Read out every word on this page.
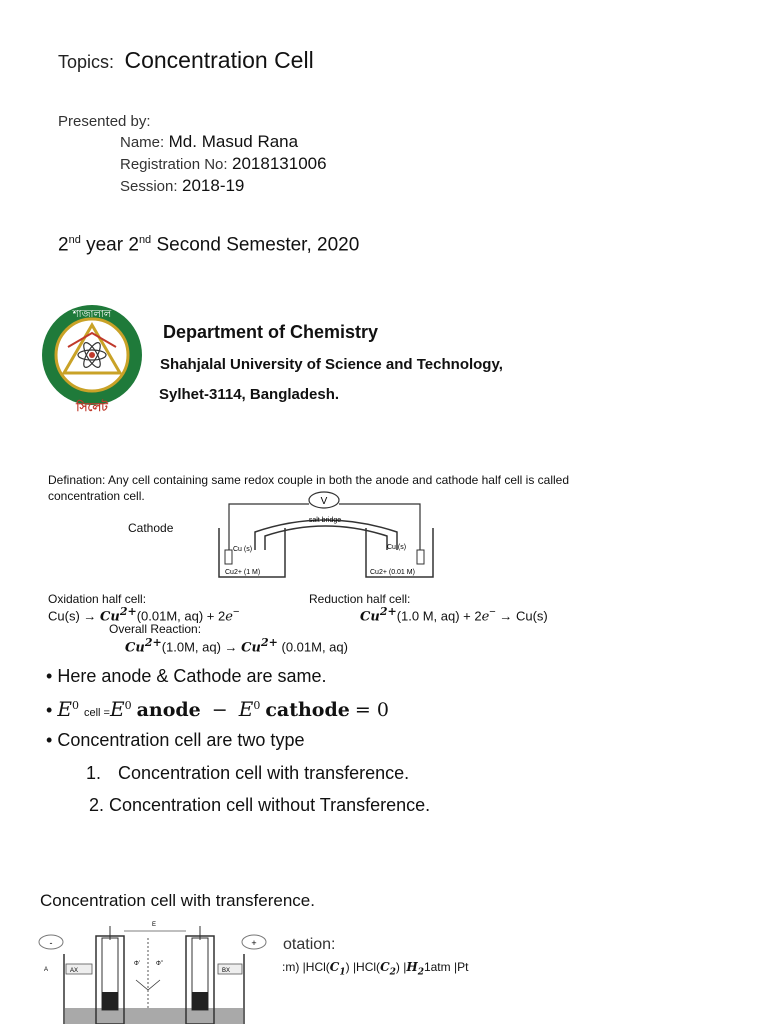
Topics: Concentration Cell
Presented by:
Name: Md. Masud Rana
Registration No: 2018131006
Session: 2018-19
2nd year 2nd Second Semester, 2020
শাজালাল
সিলেট
Department of Chemistry
Shahjalal University of Science and Technology,
Sylhet-3114, Bangladesh.
Defination: Any cell containing same redox couple in both the anode and cathode half cell is called
concentration cell.
Cathode
salt bridge
V
Cu (s)	Cu (s)
Cu2+ (1 M)	Cu2+ (0.01 M)
Oxidation half cell:
$Cu(s) \to Cu^{2+}(0.01M$, aq) + 2e−
Reduction half cell:
$Cu^{2+}(1.0$ M, aq) + 2e− → Cu(s)
Overall Reaction:
$Cu^{2+}(1.0M$, $aq) \to Cu^{2+}$ (0.01M, aq)
• Here anode & Cathode are same.
• $E^0$ cell $=E^0$ anode − $E^0$ cathode = 0
• Concentration cell are two type
1. Concentration cell with transference.
2. Concentration cell without Transference.
Concentration cell with transference.
-	+
A
E
AX	BX
Φ’	Φ’’
otation:
:m) $|HCl(C_1)$ $|HCl(C_2)$ $|H_21atm$ |Pt
